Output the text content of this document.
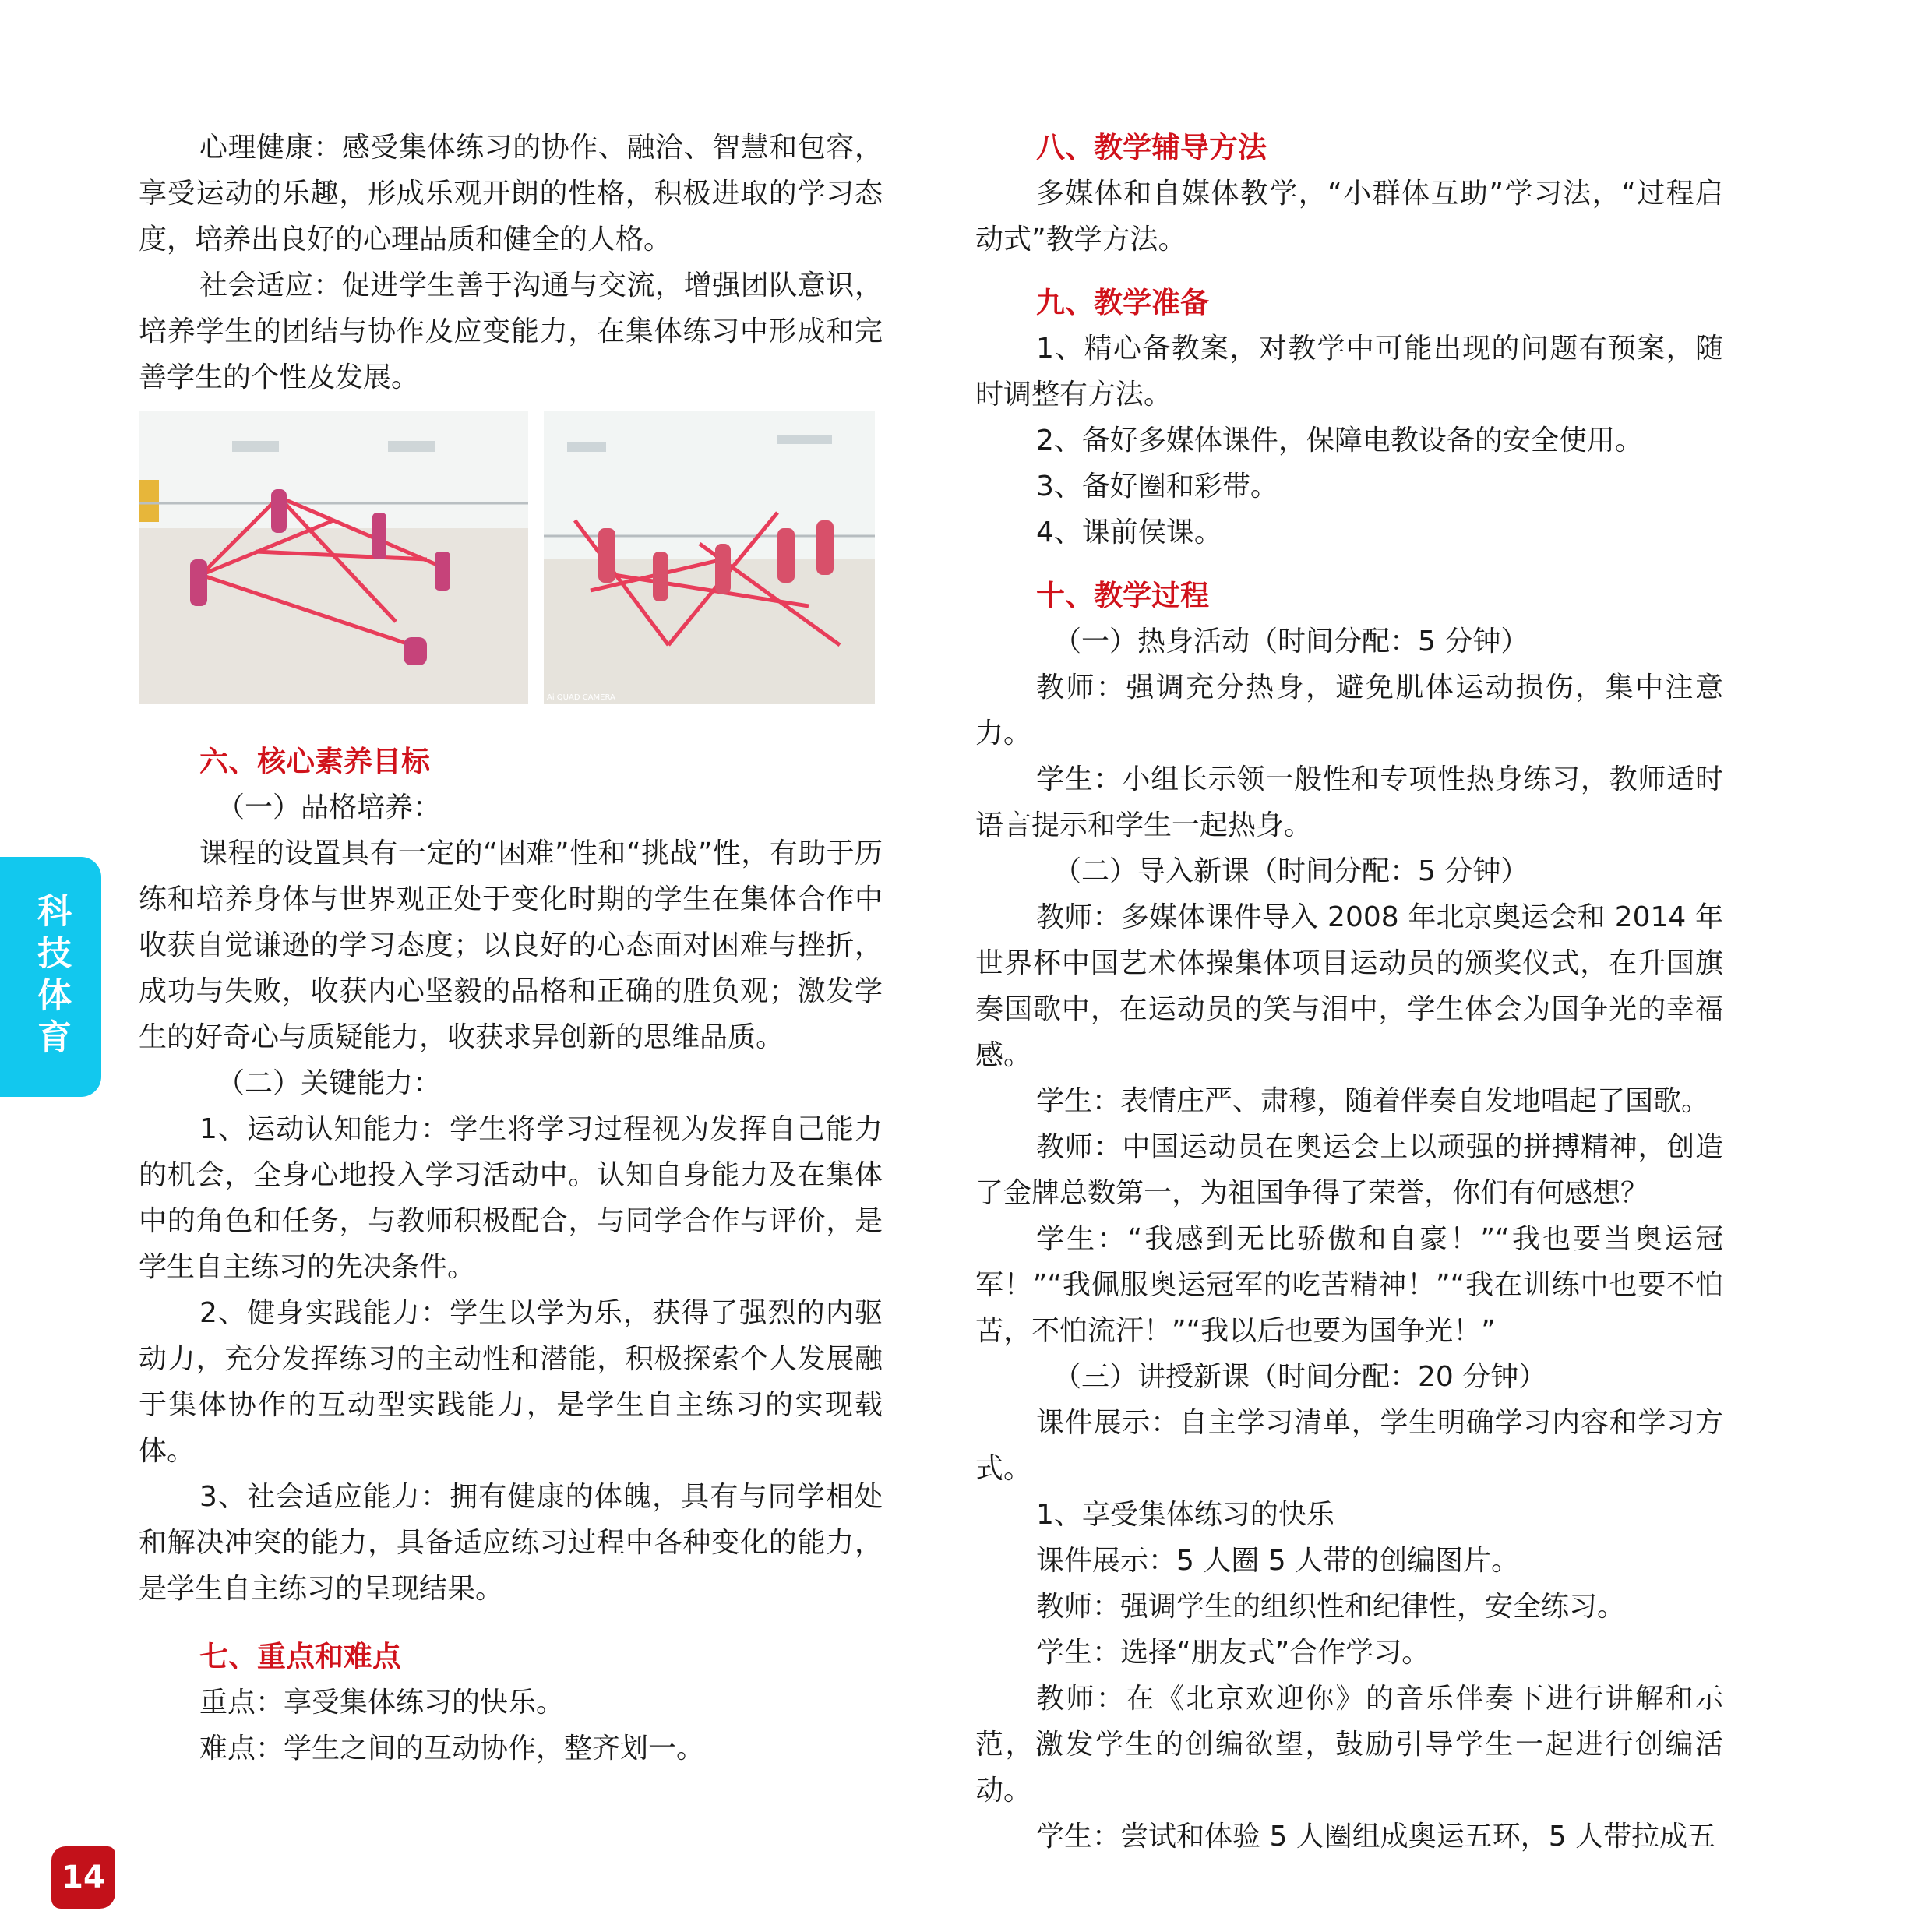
心理健康：感受集体练习的协作、融洽、智慧和包容，享受运动的乐趣，形成乐观开朗的性格，积极进取的学习态度，培养出良好的心理品质和健全的人格。

社会适应：促进学生善于沟通与交流，增强团队意识，培养学生的团结与协作及应变能力，在集体练习中形成和完善学生的个性及发展。

Ai QUAD CAMERA

六、核心素养目标

（一）品格培养：

课程的设置具有一定的“困难”性和“挑战”性，有助于历练和培养身体与世界观正处于变化时期的学生在集体合作中收获自觉谦逊的学习态度；以良好的心态面对困难与挫折，成功与失败，收获内心坚毅的品格和正确的胜负观；激发学生的好奇心与质疑能力，收获求异创新的思维品质。

（二）关键能力：

1、运动认知能力：学生将学习过程视为发挥自己能力的机会，全身心地投入学习活动中。认知自身能力及在集体中的角色和任务，与教师积极配合，与同学合作与评价，是学生自主练习的先决条件。

2、健身实践能力：学生以学为乐，获得了强烈的内驱动力，充分发挥练习的主动性和潜能，积极探索个人发展融于集体协作的互动型实践能力，是学生自主练习的实现载体。

3、社会适应能力：拥有健康的体魄，具有与同学相处和解决冲突的能力，具备适应练习过程中各种变化的能力，是学生自主练习的呈现结果。

七、重点和难点

重点：享受集体练习的快乐。

难点：学生之间的互动协作，整齐划一。

八、教学辅导方法

多媒体和自媒体教学，“小群体互助”学习法，“过程启动式”教学方法。

九、教学准备

1、精心备教案，对教学中可能出现的问题有预案，随时调整有方法。

2、备好多媒体课件，保障电教设备的安全使用。

3、备好圈和彩带。

4、课前侯课。

十、教学过程

（一）热身活动（时间分配：5 分钟）

教师：强调充分热身，避免肌体运动损伤，集中注意力。

学生：小组长示领一般性和专项性热身练习，教师适时语言提示和学生一起热身。

（二）导入新课（时间分配：5 分钟）

教师：多媒体课件导入 2008 年北京奥运会和 2014 年世界杯中国艺术体操集体项目运动员的颁奖仪式，在升国旗奏国歌中，在运动员的笑与泪中，学生体会为国争光的幸福感。

学生：表情庄严、肃穆，随着伴奏自发地唱起了国歌。

教师：中国运动员在奥运会上以顽强的拼搏精神，创造了金牌总数第一，为祖国争得了荣誉，你们有何感想？

学生：“我感到无比骄傲和自豪！”“我也要当奥运冠军！”“我佩服奥运冠军的吃苦精神！”“我在训练中也要不怕苦，不怕流汗！”“我以后也要为国争光！”

（三）讲授新课（时间分配：20 分钟）

课件展示：自主学习清单，学生明确学习内容和学习方式。

1、享受集体练习的快乐

课件展示：5 人圈 5 人带的创编图片。

教师：强调学生的组织性和纪律性，安全练习。

学生：选择“朋友式”合作学习。

教师：在《北京欢迎你》的音乐伴奏下进行讲解和示范，激发学生的创编欲望，鼓励引导学生一起进行创编活动。

学生：尝试和体验 5 人圈组成奥运五环，5 人带拉成五

科技体育
14
